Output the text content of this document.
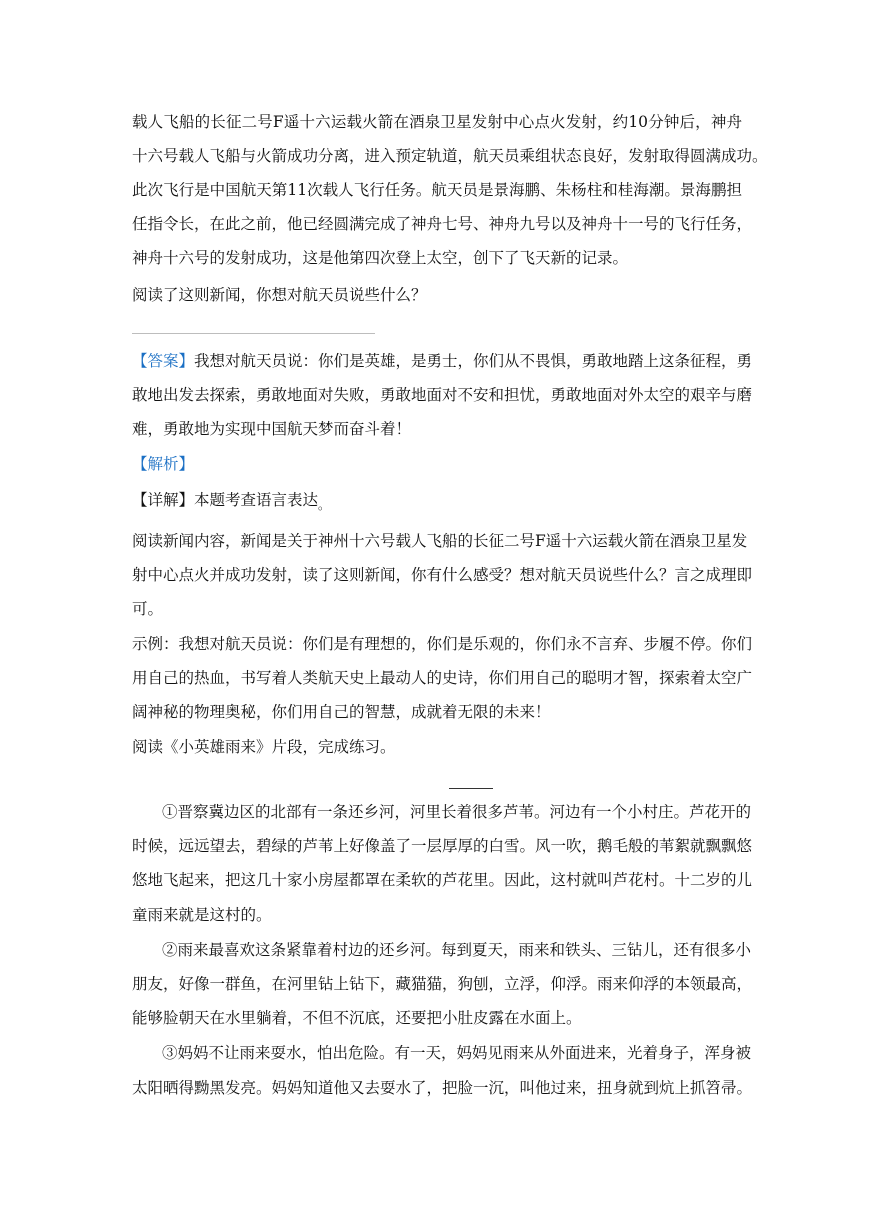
载人飞船的长征二号F遥十六运载火箭在酒泉卫星发射中心点火发射，约10分钟后，神舟
十六号载人飞船与火箭成功分离，进入预定轨道，航天员乘组状态良好，发射取得圆满成功。
此次飞行是中国航天第11次载人飞行任务。航天员是景海鹏、朱杨柱和桂海潮。景海鹏担
任指令长，在此之前，他已经圆满完成了神舟七号、神舟九号以及神舟十一号的飞行任务，
神舟十六号的发射成功，这是他第四次登上太空，创下了飞天新的记录。
阅读了这则新闻，你想对航天员说些什么？
【答案】我想对航天员说：你们是英雄，是勇士，你们从不畏惧，勇敢地踏上这条征程，勇
敢地出发去探索，勇敢地面对失败，勇敢地面对不安和担忧，勇敢地面对外太空的艰辛与磨
难，勇敢地为实现中国航天梦而奋斗着！
【解析】
【详解】本题考查语言表达$_。$
阅读新闻内容，新闻是关于神州十六号载人飞船的长征二号F遥十六运载火箭在酒泉卫星发
射中心点火并成功发射，读了这则新闻，你有什么感受？想对航天员说些什么？言之成理即
可。
示例：我想对航天员说：你们是有理想的，你们是乐观的，你们永不言弃、步履不停。你们
用自己的热血，书写着人类航天史上最动人的史诗，你们用自己的聪明才智，探索着太空广
阔神秘的物理奥秘，你们用自己的智慧，成就着无限的未来！
阅读《小英雄雨来》片段，完成练习。
①晋察冀边区的北部有一条还乡河，河里长着很多芦苇。河边有一个小村庄。芦花开的
时候，远远望去，碧绿的芦苇上好像盖了一层厚厚的白雪。风一吹，鹅毛般的苇絮就飘飘悠
悠地飞起来，把这几十家小房屋都罩在柔软的芦花里。因此，这村就叫芦花村。十二岁的儿
童雨来就是这村的。
②雨来最喜欢这条紧靠着村边的还乡河。每到夏天，雨来和铁头、三钻儿，还有很多小
朋友，好像一群鱼，在河里钻上钻下，藏猫猫，狗刨，立浮，仰浮。雨来仰浮的本领最高，
能够脸朝天在水里躺着，不但不沉底，还要把小肚皮露在水面上。
③妈妈不让雨来耍水，怕出危险。有一天，妈妈见雨来从外面进来，光着身子，浑身被
太阳晒得黝黑发亮。妈妈知道他又去耍水了，把脸一沉，叫他过来，扭身就到炕上抓笤帚。
